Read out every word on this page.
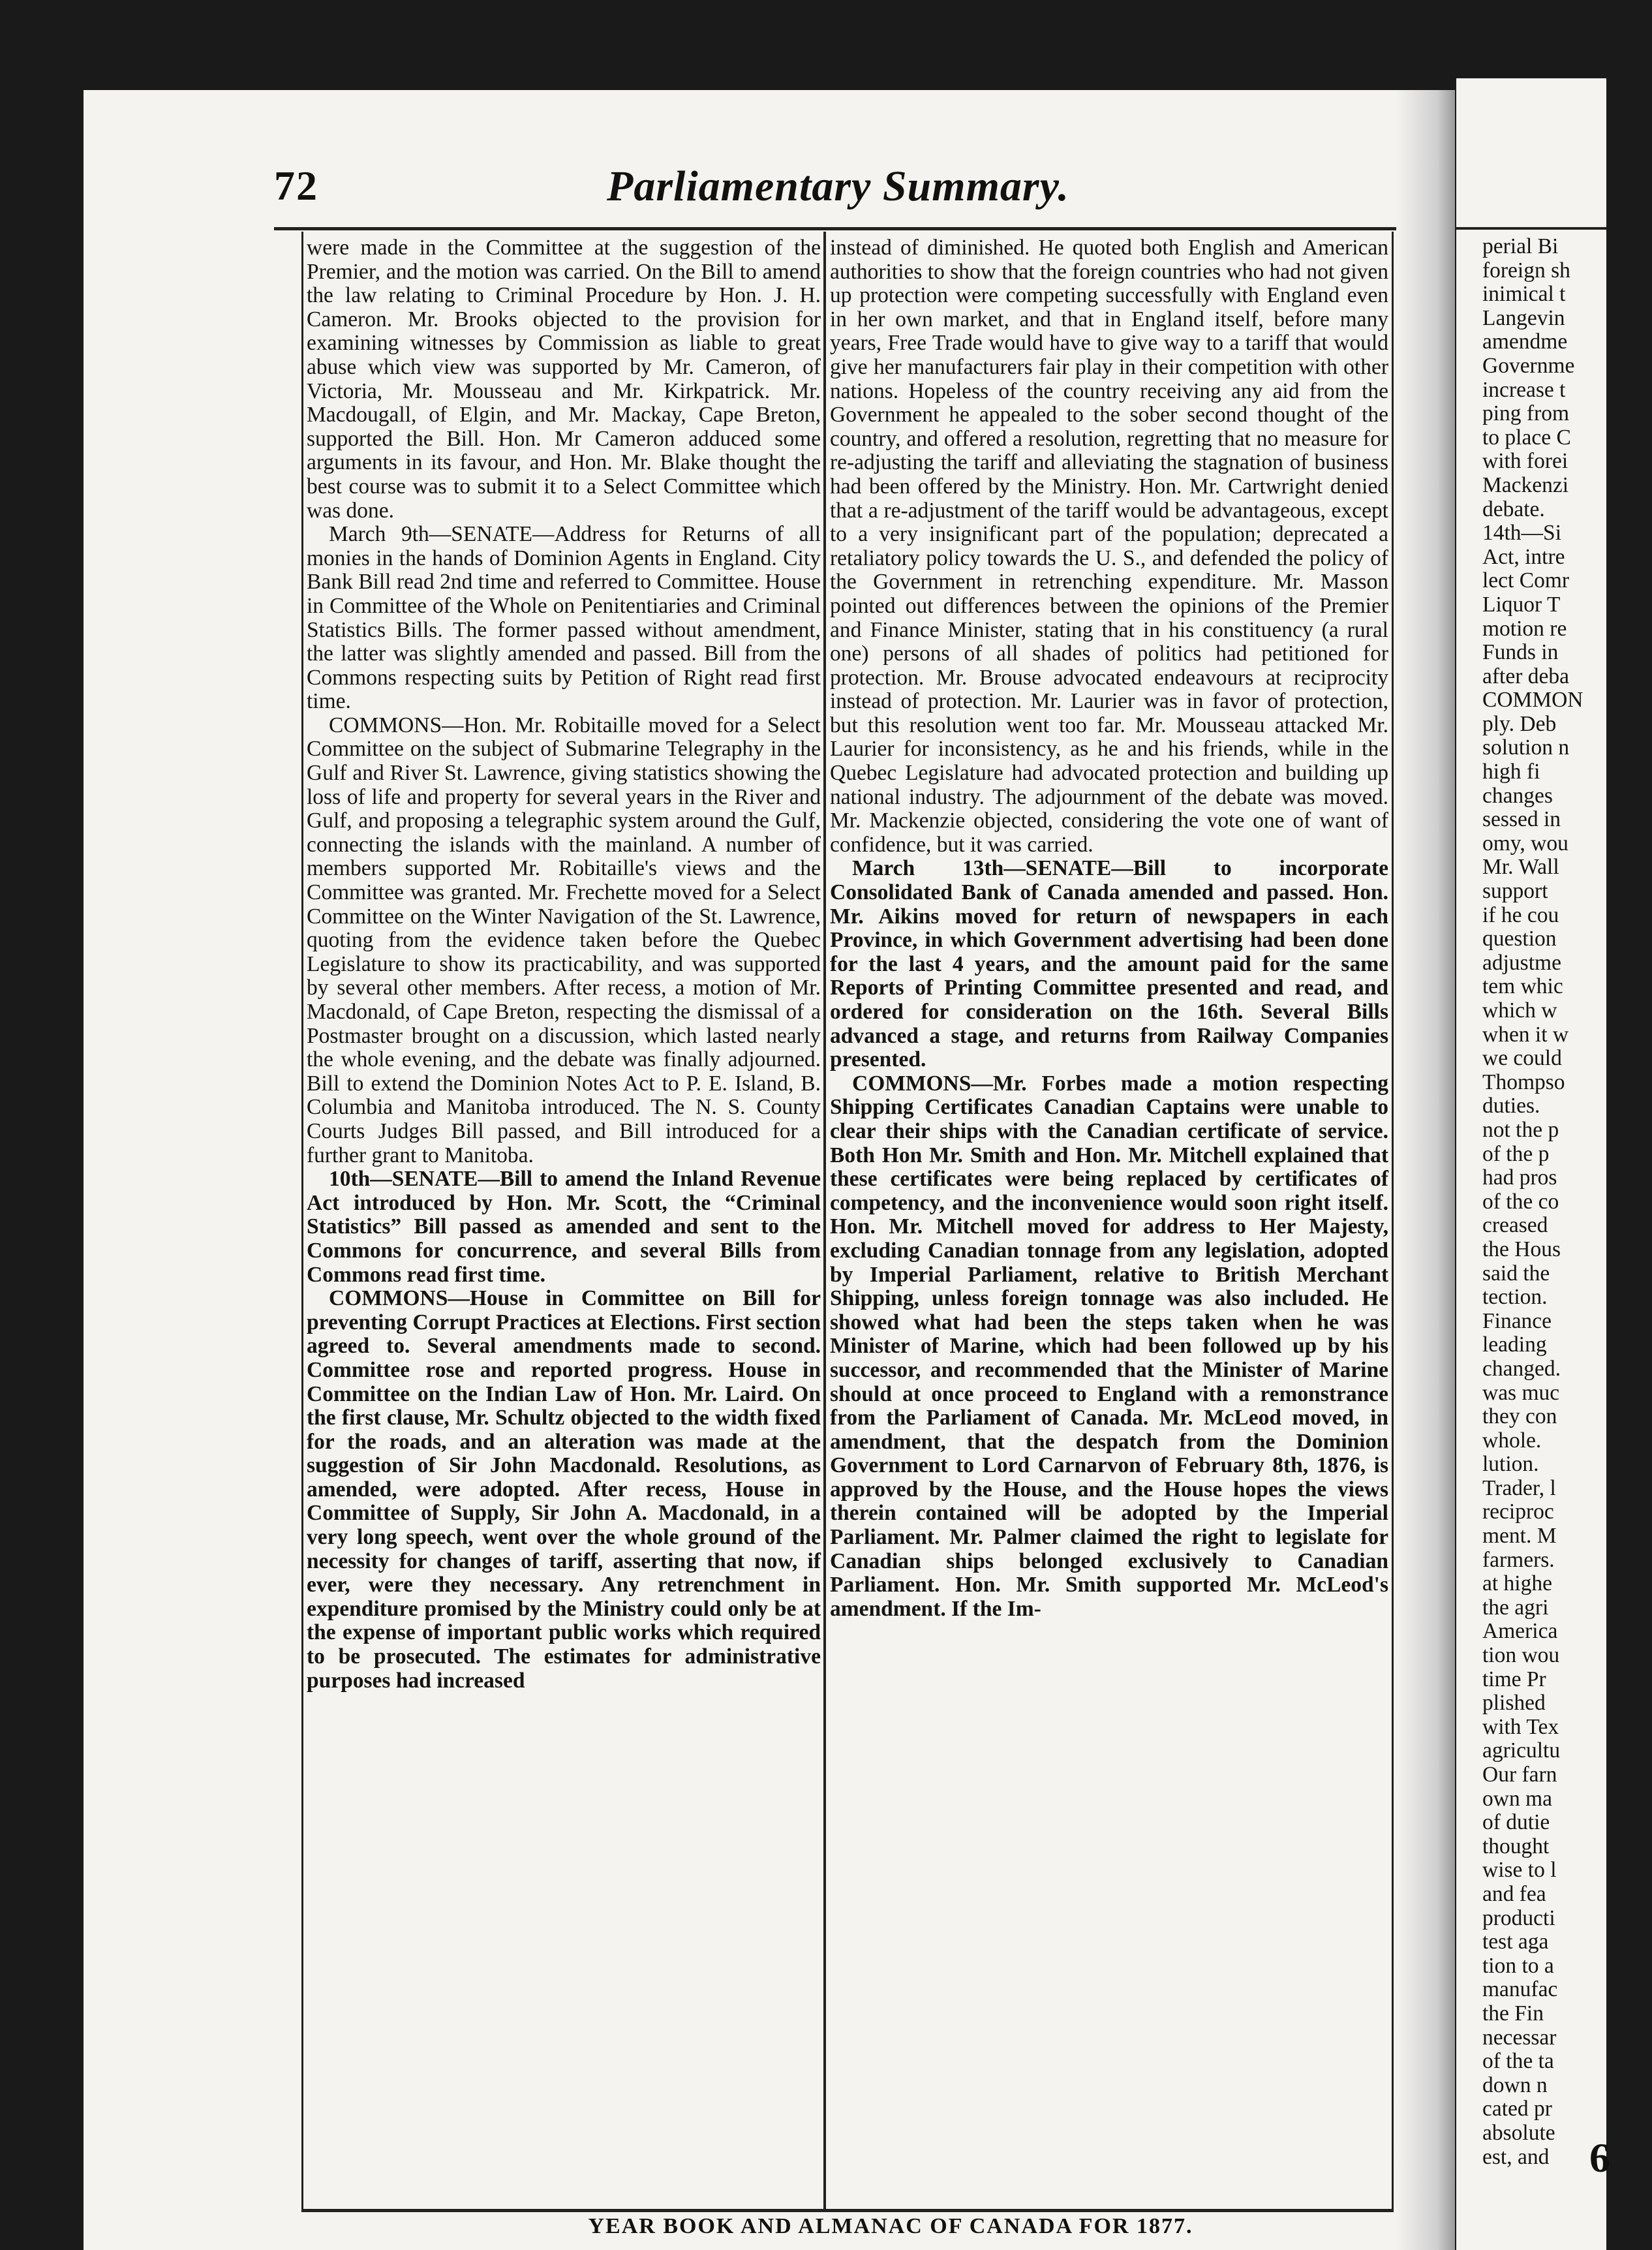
72	Parliamentary Summary.

were made in the Committee at the suggestion of the Premier, and the motion was carried. On the Bill to amend the law relating to Criminal Procedure by Hon. J. H. Cameron. Mr. Brooks objected to the provision for examining witnesses by Commission as liable to great abuse which view was supported by Mr. Cameron, of Victoria, Mr. Mousseau and Mr. Kirkpatrick. Mr. Macdougall, of Elgin, and Mr. Mackay, Cape Breton, supported the Bill. Hon. Mr Cameron adduced some arguments in its favour, and Hon. Mr. Blake thought the best course was to submit it to a Select Committee which was done.

March 9th—SENATE—Address for Returns of all monies in the hands of Dominion Agents in England. City Bank Bill read 2nd time and referred to Committee. House in Committee of the Whole on Penitentiaries and Criminal Statistics Bills. The former passed without amendment, the latter was slightly amended and passed. Bill from the Commons respecting suits by Petition of Right read first time.

COMMONS—Hon. Mr. Robitaille moved for a Select Committee on the subject of Submarine Telegraphy in the Gulf and River St. Lawrence, giving statistics showing the loss of life and property for several years in the River and Gulf, and proposing a telegraphic system around the Gulf, connecting the islands with the mainland. A number of members supported Mr. Robitaille's views and the Committee was granted. Mr. Frechette moved for a Select Committee on the Winter Navigation of the St. Lawrence, quoting from the evidence taken before the Quebec Legislature to show its practicability, and was supported by several other members. After recess, a motion of Mr. Macdonald, of Cape Breton, respecting the dismissal of a Postmaster brought on a discussion, which lasted nearly the whole evening, and the debate was finally adjourned. Bill to extend the Dominion Notes Act to P. E. Island, B. Columbia and Manitoba introduced. The N. S. County Courts Judges Bill passed, and Bill introduced for a further grant to Manitoba.

10th—SENATE—Bill to amend the Inland Revenue Act introduced by Hon. Mr. Scott, the “Criminal Statistics” Bill passed as amended and sent to the Commons for concurrence, and several Bills from Commons read first time.

COMMONS—House in Committee on Bill for preventing Corrupt Practices at Elections. First section agreed to. Several amendments made to second. Committee rose and reported progress. House in Committee on the Indian Law of Hon. Mr. Laird. On the first clause, Mr. Schultz objected to the width fixed for the roads, and an alteration was made at the suggestion of Sir John Macdonald. Resolutions, as amended, were adopted. After recess, House in Committee of Supply, Sir John A. Macdonald, in a very long speech, went over the whole ground of the necessity for changes of tariff, asserting that now, if ever, were they necessary. Any retrenchment in expenditure promised by the Ministry could only be at the expense of important public works which required to be prosecuted. The estimates for administrative purposes had increased

instead of diminished. He quoted both English and American authorities to show that the foreign countries who had not given up protection were competing successfully with England even in her own market, and that in England itself, before many years, Free Trade would have to give way to a tariff that would give her manufacturers fair play in their competition with other nations. Hopeless of the country receiving any aid from the Government he appealed to the sober second thought of the country, and offered a resolution, regretting that no measure for re-adjusting the tariff and alleviating the stagnation of business had been offered by the Ministry. Hon. Mr. Cartwright denied that a re-adjustment of the tariff would be advantageous, except to a very insignificant part of the population; deprecated a retaliatory policy towards the U. S., and defended the policy of the Government in retrenching expenditure. Mr. Masson pointed out differences between the opinions of the Premier and Finance Minister, stating that in his constituency (a rural one) persons of all shades of politics had petitioned for protection. Mr. Brouse advocated endeavours at reciprocity instead of protection. Mr. Laurier was in favor of protection, but this resolution went too far. Mr. Mousseau attacked Mr. Laurier for inconsistency, as he and his friends, while in the Quebec Legislature had advocated protection and building up national industry. The adjournment of the debate was moved. Mr. Mackenzie objected, considering the vote one of want of confidence, but it was carried.

March 13th—SENATE—Bill to incorporate Consolidated Bank of Canada amended and passed. Hon. Mr. Aikins moved for return of newspapers in each Province, in which Government advertising had been done for the last 4 years, and the amount paid for the same Reports of Printing Committee presented and read, and ordered for consideration on the 16th. Several Bills advanced a stage, and returns from Railway Companies presented.

COMMONS—Mr. Forbes made a motion respecting Shipping Certificates Canadian Captains were unable to clear their ships with the Canadian certificate of service. Both Hon Mr. Smith and Hon. Mr. Mitchell explained that these certificates were being replaced by certificates of competency, and the inconvenience would soon right itself. Hon. Mr. Mitchell moved for address to Her Majesty, excluding Canadian tonnage from any legislation, adopted by Imperial Parliament, relative to British Merchant Shipping, unless foreign tonnage was also included. He showed what had been the steps taken when he was Minister of Marine, which had been followed up by his successor, and recommended that the Minister of Marine should at once proceed to England with a remonstrance from the Parliament of Canada. Mr. McLeod moved, in amendment, that the despatch from the Dominion Government to Lord Carnarvon of February 8th, 1876, is approved by the House, and the House hopes the views therein contained will be adopted by the Imperial Parliament. Mr. Palmer claimed the right to legislate for Canadian ships belonged exclusively to Canadian Parliament. Hon. Mr. Smith supported Mr. McLeod's amendment. If the Im-

YEAR BOOK AND ALMANAC OF CANADA FOR 1877.
perial Bi
foreign sh
inimical t
Langevin
amendme
Governme
increase t
ping from
to place C
with forei
Mackenzi
debate.
14th—Si
Act, intre
lect Comr
Liquor T
motion re
Funds in
after deba
COMMON
ply. Deb
solution n
high fi
changes
sessed in
omy, wou
Mr. Wall
support
if he cou
question
adjustme
tem whic
which w
when it w
we could
Thompso
duties.
not the p
of the p
had pros
of the co
creased
the Hous
said the
tection.
Finance
leading
changed.
was muc
they con
whole.
lution.
Trader, l
reciproc
ment. M
farmers.
at highe
the agri
America
tion wou
time Pr
plished
with Tex
agricultu
Our farn
own ma
of dutie
thought
wise to l
and fea
producti
test aga
tion to a
manufac
the Fin
necessar
of the ta
down n
cated pr
absolute
est, and 6
